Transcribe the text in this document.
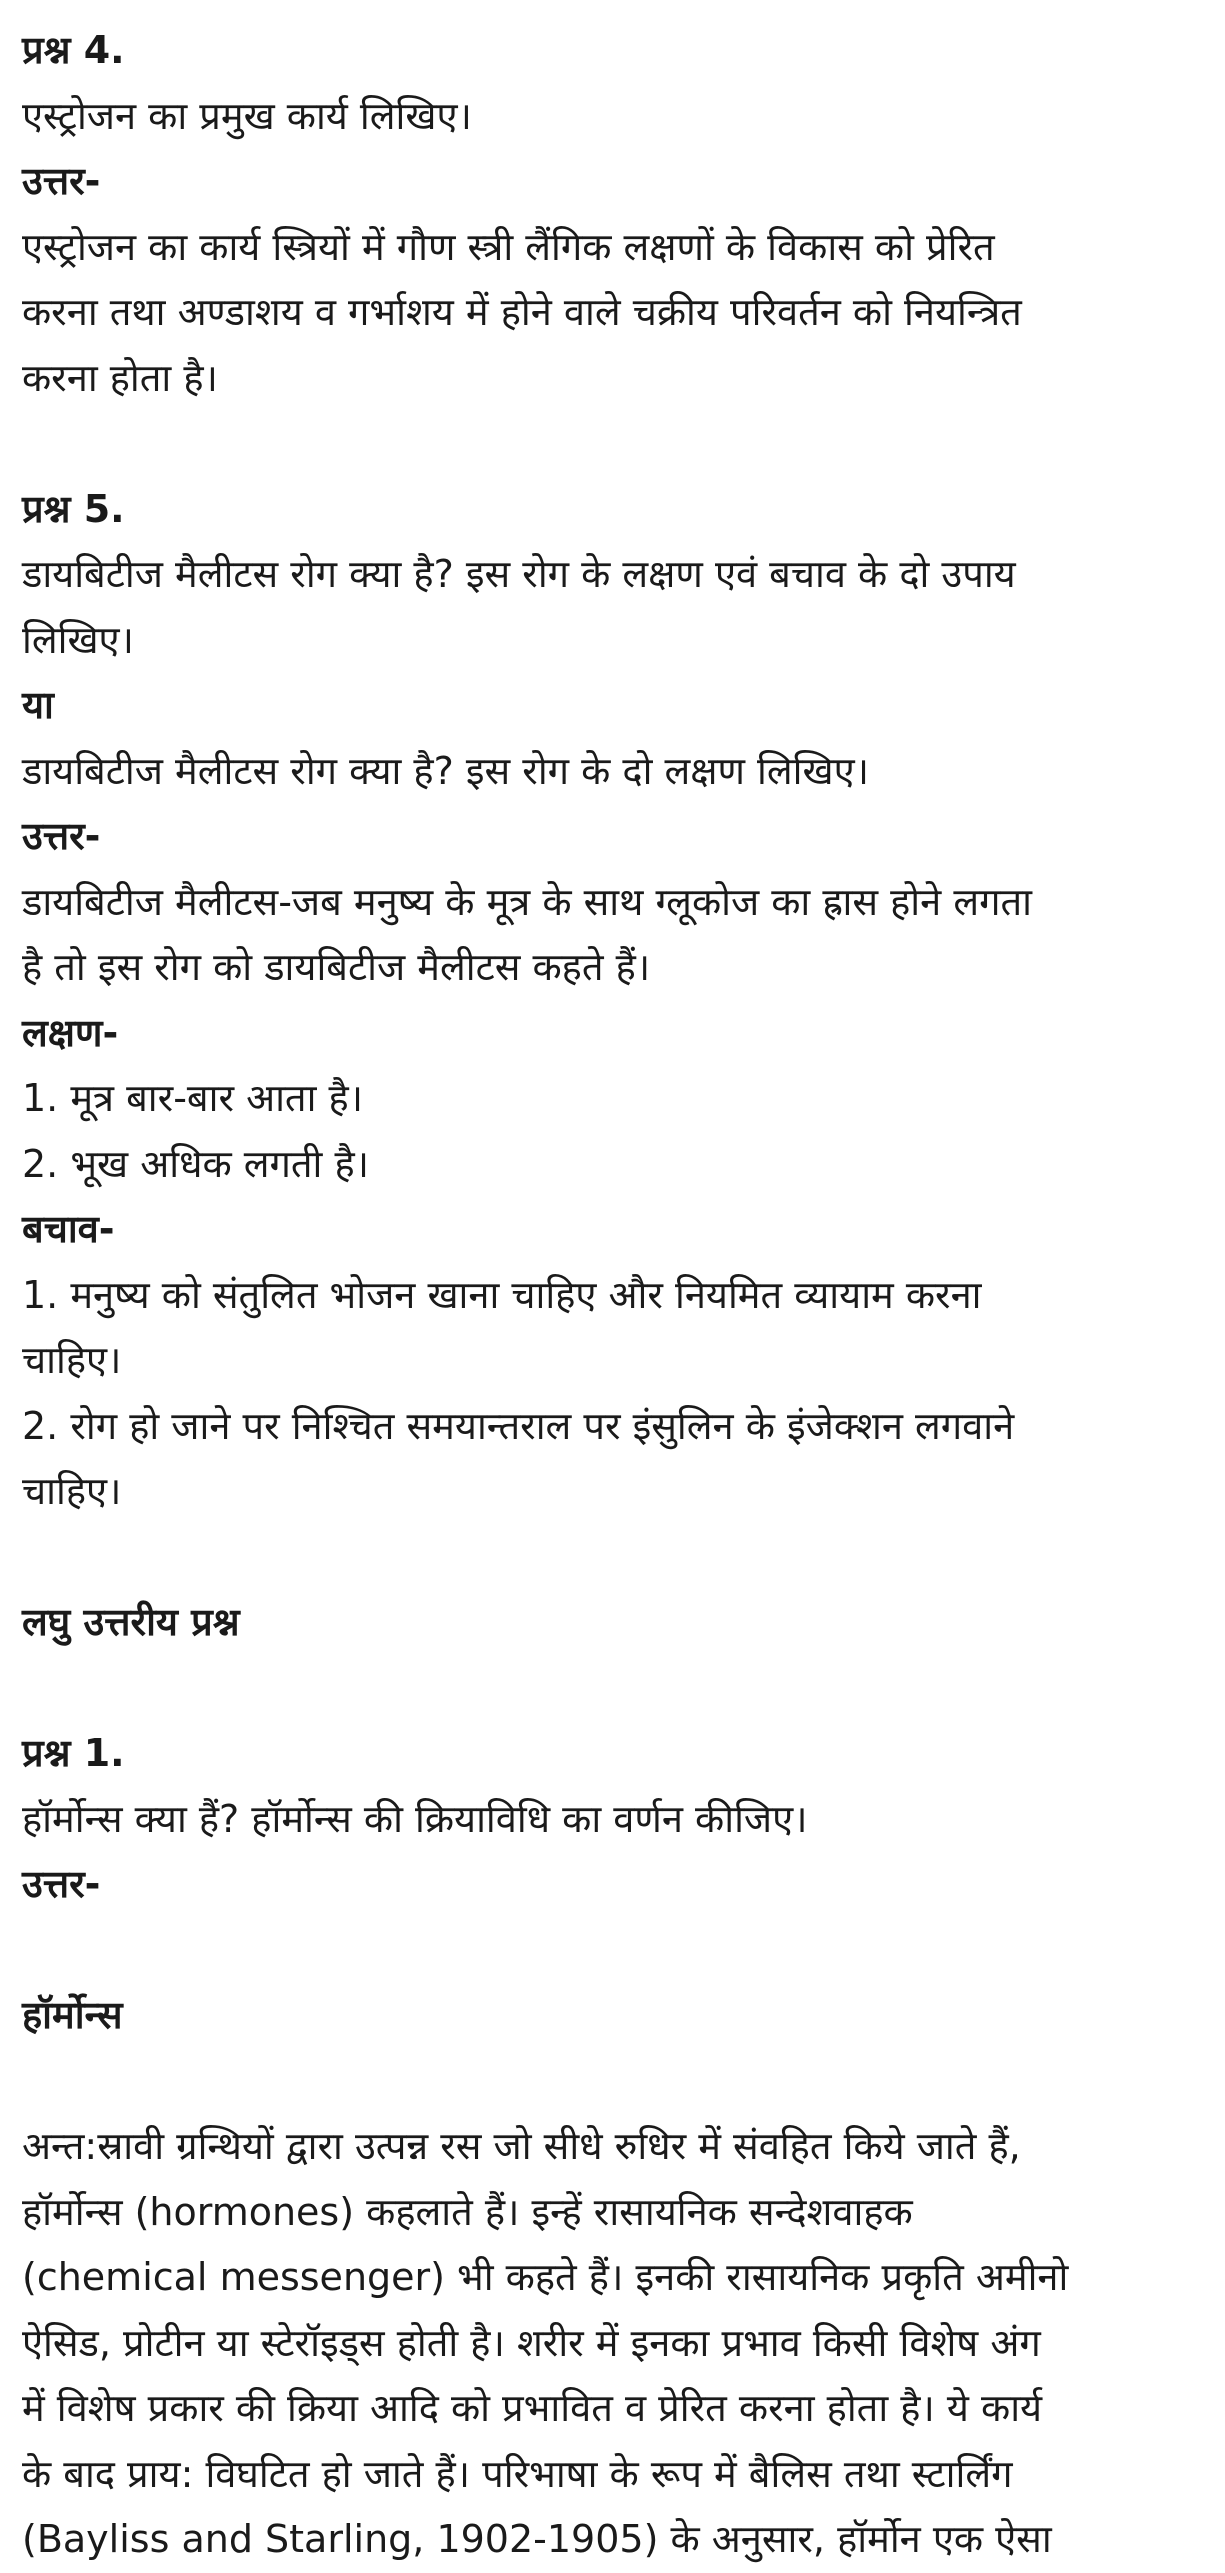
प्रश्न 4.

एस्ट्रोजन का प्रमुख कार्य लिखिए।

उत्तर-

एस्ट्रोजन का कार्य स्त्रियों में गौण स्त्री लैंगिक लक्षणों के विकास को प्रेरित

करना तथा अण्डाशय व गर्भाशय में होने वाले चक्रीय परिवर्तन को नियन्त्रित

करना होता है।

प्रश्न 5.

डायबिटीज मैलीटस रोग क्या है? इस रोग के लक्षण एवं बचाव के दो उपाय

लिखिए।

या

डायबिटीज मैलीटस रोग क्या है? इस रोग के दो लक्षण लिखिए।

उत्तर-

डायबिटीज मैलीटस-जब मनुष्य के मूत्र के साथ ग्लूकोज का ह्रास होने लगता

है तो इस रोग को डायबिटीज मैलीटस कहते हैं।

लक्षण-

1. मूत्र बार-बार आता है।

2. भूख अधिक लगती है।

बचाव-

1. मनुष्य को संतुलित भोजन खाना चाहिए और नियमित व्यायाम करना

चाहिए।

2. रोग हो जाने पर निश्चित समयान्तराल पर इंसुलिन के इंजेक्शन लगवाने

चाहिए।

लघु उत्तरीय प्रश्न

प्रश्न 1.

हॉर्मोन्स क्या हैं? हॉर्मोन्स की क्रियाविधि का वर्णन कीजिए।

उत्तर-

हॉर्मोन्स

अन्त:स्रावी ग्रन्थियों द्वारा उत्पन्न रस जो सीधे रुधिर में संवहित किये जाते हैं,

हॉर्मोन्स (hormones) कहलाते हैं। इन्हें रासायनिक सन्देशवाहक

(chemical messenger) भी कहते हैं। इनकी रासायनिक प्रकृति अमीनो

ऐसिड, प्रोटीन या स्टेरॉइड्स होती है। शरीर में इनका प्रभाव किसी विशेष अंग

में विशेष प्रकार की क्रिया आदि को प्रभावित व प्रेरित करना होता है। ये कार्य

के बाद प्राय: विघटित हो जाते हैं। परिभाषा के रूप में बैलिस तथा स्टार्लिंग

(Bayliss and Starling, 1902-1905) के अनुसार, हॉर्मोन एक ऐसा
